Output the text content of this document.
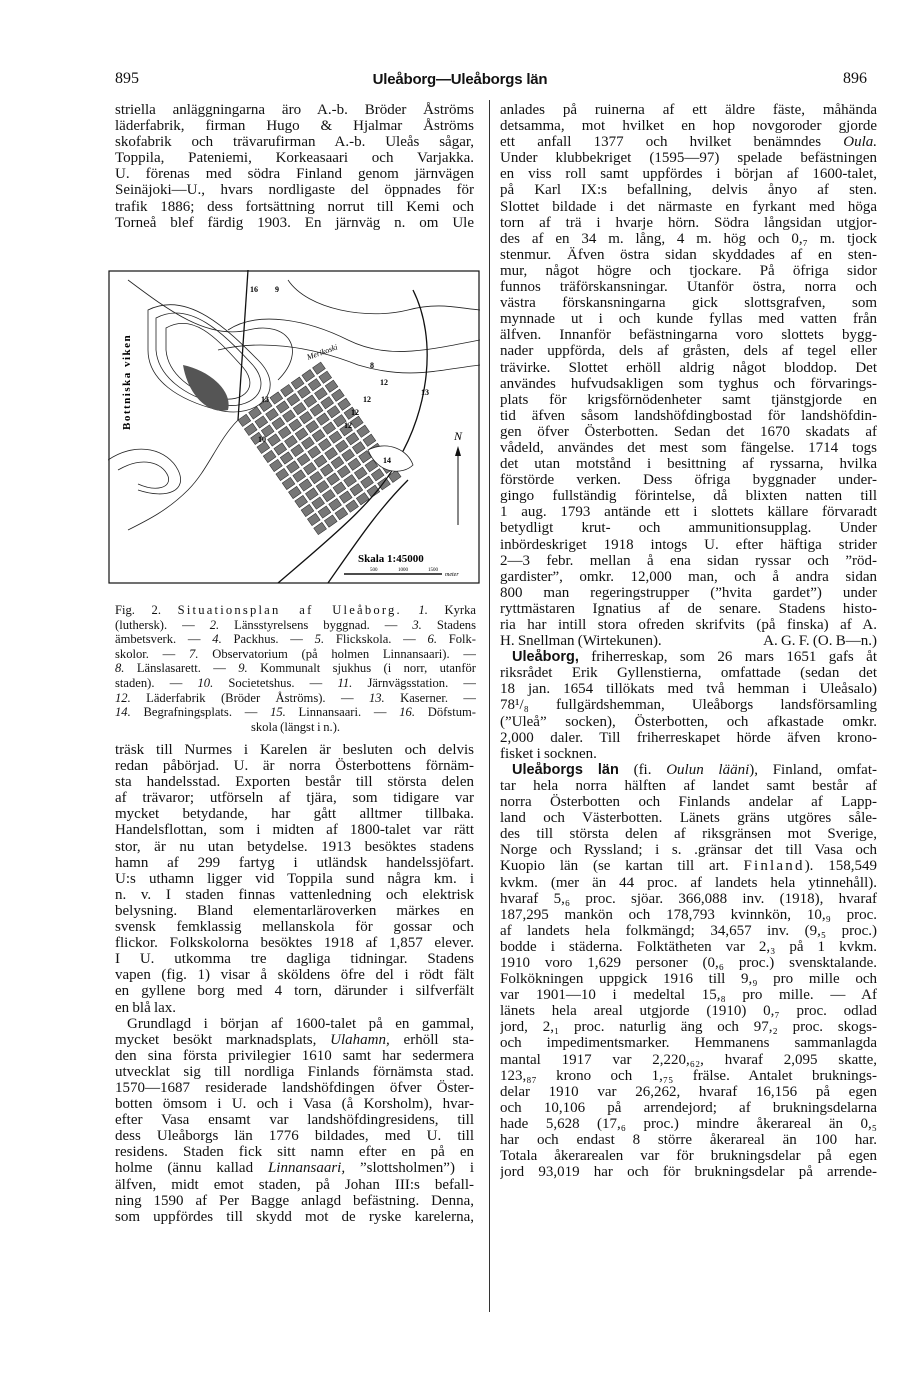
895	Uleåborg—Uleåborgs län	896
striella anläggningarna äro A.-b. Bröder Åströms
läderfabrik, firman Hugo & Hjalmar Åströms
skofabrik och trävarufirman A.-b. Uleås sågar,
Toppila, Pateniemi, Korkeasaari och Varjakka.
U. förenas med södra Finland genom järnvägen
Seinäjoki—U., hvars nordligaste del öppnades för
trafik 1886; dess fortsättning norrut till Kemi och
Torneå blef färdig 1903. En järnväg n. om Ule
N
Bottniska viken	Merikoski
Skala 1:45000
500	1000	1500
meter
16 9
8
12
13
13
12
12
12
14
10
Fig. 2. Situationsplan af Uleåborg. 1. Kyrka
(luthersk). — 2. Länsstyrelsens byggnad. — 3. Stadens
ämbetsverk. — 4. Packhus. — 5. Flickskola. — 6. Folk-
skolor. — 7. Observatorium (på holmen Linnansaari). —
8. Länslasarett. — 9. Kommunalt sjukhus (i norr, utanför
staden). — 10. Societetshus. — 11. Järnvägsstation. —
12. Läderfabrik (Bröder Åströms). — 13. Kaserner. —
14. Begrafningsplats. — 15. Linnansaari. — 16. Döfstum-
skola (längst i n.).
träsk till Nurmes i Karelen är besluten och delvis
redan påbörjad. U. är norra Österbottens förnäm-
sta handelsstad. Exporten består till största delen
af trävaror; utförseln af tjära, som tidigare var
mycket betydande, har gått alltmer tillbaka.
Handelsflottan, som i midten af 1800-talet var rätt
stor, är nu utan betydelse. 1913 besöktes stadens
hamn af 299 fartyg i utländsk handelssjöfart.
U:s uthamn ligger vid Toppila sund några km. i
n. v. I staden finnas vattenledning och elektrisk
belysning. Bland elementarläroverken märkes en
svensk femklassig mellanskola för gossar och
flickor. Folkskolorna besöktes 1918 af 1,857 elever.
I U. utkomma tre dagliga tidningar. Stadens
vapen (fig. 1) visar å sköldens öfre del i rödt fält
en gyllene borg med 4 torn, därunder i silfverfält
en blå lax.
Grundlagd i början af 1600-talet på en gammal,
mycket besökt marknadsplats, Ulahamn, erhöll sta-
den sina första privilegier 1610 samt har sedermera
utvecklat sig till nordliga Finlands förnämsta stad.
1570—1687 residerade landshöfdingen öfver Öster-
botten ömsom i U. och i Vasa (å Korsholm), hvar-
efter Vasa ensamt var landshöfdingresidens, till
dess Uleåborgs län 1776 bildades, med U. till
residens. Staden fick sitt namn efter en på en
holme (ännu kallad Linnansaari, ”slottsholmen”) i
älfven, midt emot staden, på Johan III:s befall-
ning 1590 af Per Bagge anlagd befästning. Denna,
som uppfördes till skydd mot de ryske karelerna,
anlades på ruinerna af ett äldre fäste, måhända
detsamma, mot hvilket en hop novgoroder gjorde
ett anfall 1377 och hvilket benämndes Oula.
Under klubbekriget (1595—97) spelade befästningen
en viss roll samt uppfördes i början af 1600-talet,
på Karl IX:s befallning, delvis ånyo af sten.
Slottet bildade i det närmaste en fyrkant med höga
torn af trä i hvarje hörn. Södra långsidan utgjor-
des af en 34 m. lång, 4 m. hög och 0,₇ m. tjock
stenmur. Äfven östra sidan skyddades af en sten-
mur, något högre och tjockare. På öfriga sidor
funnos träförskansningar. Utanför östra, norra och
västra förskansningarna gick slottsgrafven, som
mynnade ut i och kunde fyllas med vatten från
älfven. Innanför befästningarna voro slottets bygg-
nader uppförda, dels af gråsten, dels af tegel eller
trävirke. Slottet erhöll aldrig något bloddop. Det
användes hufvudsakligen som tyghus och förvarings-
plats för krigsförnödenheter samt tjänstgjorde en
tid äfven såsom landshöfdingbostad för landshöfdin-
gen öfver Österbotten. Sedan det 1670 skadats af
vådeld, användes det mest som fängelse. 1714 togs
det utan motstånd i besittning af ryssarna, hvilka
förstörde verken. Dess öfriga byggnader under-
gingo fullständig förintelse, då blixten natten till
1 aug. 1793 antände ett i slottets källare förvaradt
betydligt krut- och ammunitionsupplag. Under
inbördeskriget 1918 intogs U. efter häftiga strider
2—3 febr. mellan å ena sidan ryssar och ”röd-
gardister”, omkr. 12,000 man, och å andra sidan
800 man regeringstrupper (”hvita gardet”) under
ryttmästaren Ignatius af de senare. Stadens histo-
ria har intill stora ofreden skrifvits (på finska) af A.
H. Snellman (Wirtekunen).	A. G. F. (O. B—n.)
Uleåborg, friherreskap, som 26 mars 1651 gafs åt
riksrådet Erik Gyllenstierna, omfattade (sedan det
18 jan. 1654 tillökats med två hemman i Uleåsalo)
78¹/₈ fullgärdshemman, Uleåborgs landsförsamling
(”Uleå” socken), Österbotten, och afkastade omkr.
2,000 daler. Till friherreskapet hörde äfven krono-
fisket i socknen.
Uleåborgs län (fi. Oulun lääni), Finland, omfat-
tar hela norra hälften af landet samt består af
norra Österbotten och Finlands andelar af Lapp-
land och Västerbotten. Länets gräns utgöres såle-
des till största delen af riksgränsen mot Sverige,
Norge och Ryssland; i s. .gränsar det till Vasa och
Kuopio län (se kartan till art. Finland). 158,549
kvkm. (mer än 44 proc. af landets hela ytinnehåll).
hvaraf 5,₆ proc. sjöar. 366,088 inv. (1918), hvaraf
187,295 mankön och 178,793 kvinnkön, 10,₉ proc.
af landets hela folkmängd; 34,657 inv. (9,₅ proc.)
bodde i städerna. Folktätheten var 2,₃ på 1 kvkm.
1910 voro 1,629 personer (0,₆ proc.) svensktalande.
Folkökningen uppgick 1916 till 9,₉ pro mille och
var 1901—10 i medeltal 15,₈ pro mille. — Af
länets hela areal utgjorde (1910) 0,₇ proc. odlad
jord, 2,₁ proc. naturlig äng och 97,₂ proc. skogs-
och impedimentsmarker. Hemmanens sammanlagda
mantal 1917 var 2,220,₆₂, hvaraf 2,095 skatte,
123,₈₇ krono och 1,₇₅ frälse. Antalet bruknings-
delar 1910 var 26,262, hvaraf 16,156 på egen
och 10,106 på arrendejord; af brukningsdelarna
hade 5,628 (17,₆ proc.) mindre åkerareal än 0,₅
har och endast 8 större åkerareal än 100 har.
Totala åkerarealen var för brukningsdelar på egen
jord 93,019 har och för brukningsdelar på arrende-
